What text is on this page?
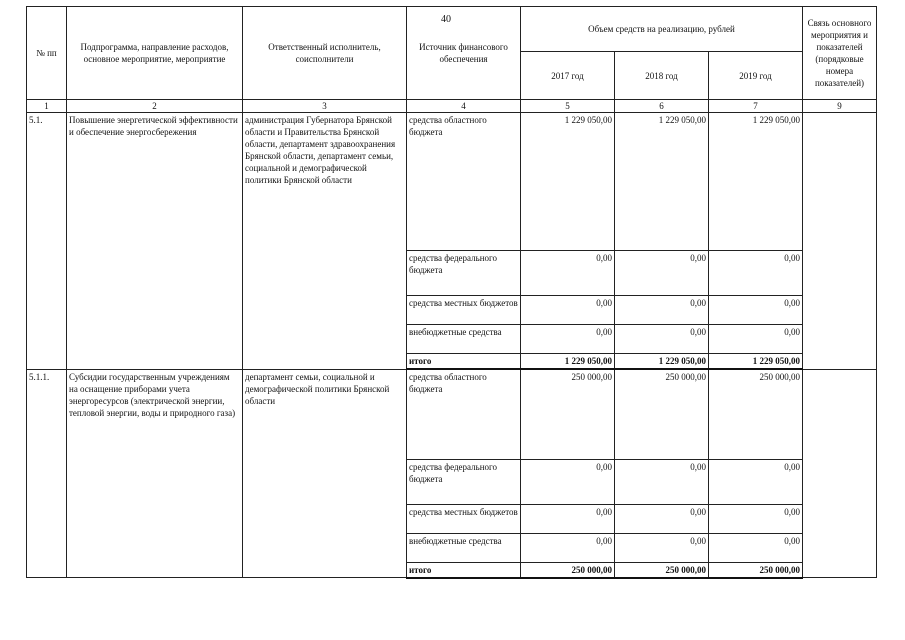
40
№ пп	Подпрограмма, направление расходов, основное мероприятие, мероприятие	Ответственный исполнитель, соисполнители	Источник финансового обеспечения	Объем средств на реализацию, рублей			Связь основного мероприятия и показателей (порядковые номера показателей)
				2017 год	2018 год	2019 год	
1	2	3	4	5	6	7	9
5.1.	Повышение энергетической эффективности и обеспечение энергосбережения	администрация Губернатора Брянской области и Правительства Брянской области, департамент здравоохранения Брянской области, департамент семьи, социальной и демографической политики Брянской области	средства областного бюджета	1 229 050,00	1 229 050,00	1 229 050,00	
			средства федерального бюджета	0,00	0,00	0,00	
			средства местных бюджетов	0,00	0,00	0,00	
			внебюджетные средства	0,00	0,00	0,00	
			итого	1 229 050,00	1 229 050,00	1 229 050,00	
5.1.1.	Субсидии государственным учреждениям на оснащение приборами учета энергоресурсов (электрической энергии, тепловой энергии, воды и природного газа)	департамент семьи, социальной и демографической политики Брянской области	средства областного бюджета	250 000,00	250 000,00	250 000,00	
			средства федерального бюджета	0,00	0,00	0,00	
			средства местных бюджетов	0,00	0,00	0,00	
			внебюджетные средства	0,00	0,00	0,00	
			итого	250 000,00	250 000,00	250 000,00	
